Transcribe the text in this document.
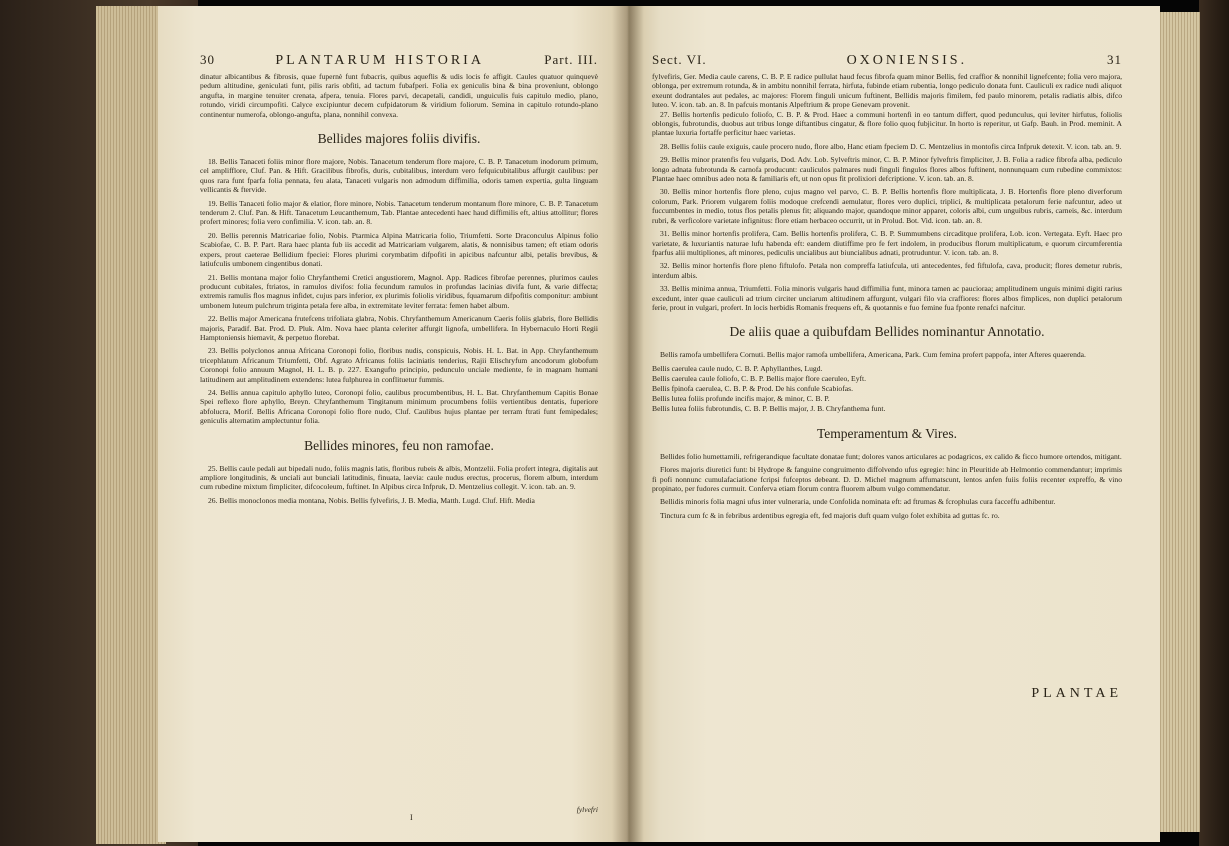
30	PLANTARUM HISTORIA	Part. III.

dinatur albicantibus & fibrosis, quae fupernè funt fubacris, quibus aqueflis & udis locis fe affigit. Caules quatuor quinquevè pedum altitudine, geniculati funt, pilis raris obfiti, ad tactum fubafperi. Folia ex geniculis bina & bina provenìunt, oblongo angufta, in margine tenuiter crenata, afpera, tenuia. Flores parvi, decapetali, candidi, unguiculis fuis capitulo medio, plano, rotundo, viridi circumpofiti. Calyce excipiuntur decem cufpidatorum & viridium foliorum. Semina in capitulo rotundo-plano continentur numerofa, oblongo-angufta, plana, nonnihil convexa.

Bellides majores foliis divifis.

18. Bellis Tanaceti foliis minor flore majore, Nobis. Tanacetum tenderum flore majore, C. B. P. Tanacetum inodorum primum, cel amplifflore, Cluf. Pan. & Hift. Gracilibus fibrofis, duris, cubitalibus, interdum vero fefquicubitalibus affurgit caulibus: per quos rara funt fparfa folia pennata, feu alata, Tanaceti vulgaris non admodum diffimilia, odoris tamen expertia, gulta linguam vellicantis & ftervide.

19. Bellis Tanaceti folio major & elatior, flore minore, Nobis. Tanacetum tenderum montanum flore minore, C. B. P. Tanacetum tenderum 2. Cluf. Pan. & Hift. Tanacetum Leucanthemum, Tab. Plantae antecedenti haec haud diffimilis eft, altius attollitur; flores profert minores; folia vero confimilia. V. icon. tab. an. 8.

20. Bellis perennis Matricariae folio, Nobis. Ptarmica Alpina Matricaria folio, Triumfetti. Sorte Draconculus Alpinus folio Scabiofae, C. B. P. Part. Rara haec planta fub iis accedit ad Matricariam vulgarem, alatis, & nonnisibus tamen; eft etiam odoris expers, prout caeterae Bellidium fpeciei: Flores plurimi corymbatim difpofiti in apicibus nafcuntur albi, petalis brevibus, & latiufculis umbonem cingentibus donati.

21. Bellis montana major folio Chryfanthemi Cretici angustiorem, Magnol. App. Radices fibrofae perennes, plurimos caules producunt cubitales, ftriatos, in ramulos divifos: folia fecundum ramulos in profundas lacinias divifa funt, & varie diffecta; extremis ramulis flos magnus infidet, cujus pars inferior, ex plurimis foliolis viridibus, fquamarum difpofitis componitur: ambiunt umbonem luteum pulchrum triginta petala fere alba, in extremitate leviter ferrata: femen habet album.

22. Bellis major Americana frutefcens trifoliata glabra, Nobis. Chryfanthemum Americanum Caeris foliis glabris, flore Bellidis majoris, Paradif. Bat. Prod. D. Pluk. Alm. Nova haec planta celeriter affurgit lignofa, umbellifera. In Hybernaculo Horti Regii Hamptoniensis hiemavit, & perpetuo florebat.

23. Bellis polyclonos annua Africana Coronopi folio, floribus nudis, conspicuis, Nobis. H. L. Bat. in App. Chryfanthemum tricephlatum Africanum Triumfetti, Obf. Agrato Africanus foliis laciniatis tenderius, Rajii Elischryfum ancodorum globofum Coronopi folio annuum Magnol, H. L. B. p. 227. Exangufto principio, pedunculo unciale mediente, fe in magnam humani latitudinem aut amplitudinem extendens: lutea fulphurea in conflituetur fummis.

24. Bellis annua capitulo aphyllo luteo, Coronopi folio, caulibus procumbentibus, H. L. Bat. Chryfanthemum Capitis Bonae Spei reflexo flore aphyllo, Breyn. Chryfanthemum Tingitanum minimum procumbens foliis vertientibus dentatis, fuperiore abfolucra, Morif. Bellis Africana Coronopi folio flore nudo, Cluf. Caulibus hujus plantae per terram ftrati funt femipedales; geniculis alternatim amplectuntur folia.

Bellides minores, feu non ramofae.

25. Bellis caule pedali aut bipedali nudo, foliis magnis latis, floribus rubeis & albis, Montzelii. Folia profert integra, digitalis aut ampliore longitudinis, & unciali aut bunciali latitudinis, finuata, laevia: caule nudus erectus, procerus, florem album, interdum cum rubedine mixtum fimpliciter, difcocoleum, fuftinet. In Alpibus circa Infpruk, D. Mentzelius collegit. V. icon. tab. an. 9.

26. Bellis monoclonos media montana, Nobis. Bellis fylvefiris, J. B. Media, Matth. Lugd. Cluf. Hift. Media

I
fylvefri
Sect. VI.	OXONIENSIS.	31

fylvefiris, Ger. Media caule carens, C. B. P. E radice pullulat haud fecus fibrofa quam minor Bellis, fed craffior & nonnihil lignefcente; folia vero majora, oblonga, per extremum rotunda, & in ambitu nonnihil ferrata, hirfuta, fubinde etiam rubentia, longo pediculo donata funt. Cauliculi ex radice nudi aliquot exeunt dodrantales aut pedales, ac majores: Florem finguli unicum fuftinent, Bellidis majoris fimilem, fed paulo minorem, petalis radiatis albis, difco luteo. V. icon. tab. an. 8. In pafcuis montanis Alpeftrium & prope Genevam provenit.

27. Bellis hortenfis pediculo foliofo, C. B. P. & Prod. Haec a communi hortenfi in eo tantum differt, quod pedunculus, qui leviter hirfutus, foliolis oblongis, fubrotundis, duobus aut tribus longe diftantibus cingatur, & flore folio quoq fubjicitur. In horto is reperitur, ut Gafp. Bauh. in Prod. meminit. A plantae luxuria fortaffe perficitur haec varietas.

28. Bellis foliis caule exiguis, caule procero nudo, flore albo, Hanc etiam fpeciem D. C. Mentzelius in montofis circa Infpruk detexit. V. icon. tab. an. 9.

29. Bellis minor pratenfis feu vulgaris, Dod. Adv. Lob. Sylveftris minor, C. B. P. Minor fylveftris fimpliciter, J. B. Folia a radice fibrofa alba, pediculo longo adnata fubrotunda & carnofa producunt: cauliculos palmares nudi finguli fingulos flores albos fuftinent, nonnunquam cum rubedine commixtos: Plantae haec omnibus adeo nota & familiaris eft, ut non opus fit prolixiori defcriptione. V. icon. tab. an. 8.

30. Bellis minor hortenfis flore pleno, cujus magno vel parvo, C. B. P. Bellis hortenfis flore multiplicata, J. B. Hortenfis flore pleno diverforum colorum, Park. Priorem vulgarem foliis modoque crefcendi aemulatur, flores vero duplici, triplici, & multiplicata petalorum ferie nafcuntur, adeo ut fuccumbentes in medio, totus flos petalis plenus fit; aliquando major, quandoque minor apparet, coloris albi, cum unguibus rubris, carneis, &c. interdum rubri, & verficolore varietate infignitus: flore etiam herbaceo occurrit, ut in Prolud. Bot. Vid. icon. tab. an. 8.

31. Bellis minor hortenfis prolifera, Cam. Bellis hortenfis prolifera, C. B. P. Summumbens circaditque prolifera, Lob. icon. Vertegata. Eyft. Haec pro varietate, & luxuriantis naturae lufu habenda eft: eandem diutiffime pro fe fert indolem, in producibus florum multiplicatum, e quorum circumferentia fparfus alii multipliones, aft minores, pediculis uncialibus aut biuncialibus adnati, protruduntur. V. icon. tab. an. 8.

32. Bellis minor hortenfis flore pleno fiftulofo. Petala non compreffa latiufcula, uti antecedentes, fed fiftulofa, cava, producit; flores demetur rubris, interdum albis.

33. Bellis minima annua, Triumfetti. Folia minoris vulgaris haud diffimilia funt, minora tamen ac paucioraa; amplitudinem unguis minimi digiti rarius excedunt, inter quae cauliculi ad trium circiter unciarum altitudinem affurgunt, vulgari filo via craffiores: flores albos fimplices, non duplici petalorum ferie, prout in vulgari, profert. In locis herbidis Romanis frequens eft, & quotannis e fuo femine fua fponte renafci nafcitur.

De aliis quae a quibufdam Bellides nominantur Annotatio.

Bellis ramofa umbellifera Cornuti. Bellis major ramofa umbellifera, Americana, Park. Cum femina profert pappofa, inter Afteres quaerenda.

Bellis caerulea caule nudo, C. B. P. Aphyllanthes, Lugd.
Bellis caerulea caule foliofo, C. B. P. Bellis major flore caeruleo, Eyft.
Bellis fpinofa caerulea, C. B. P. & Prod. De his confule Scabiofas.
Bellis lutea foliis profunde incifis major, & minor, C. B. P.
Bellis lutea foliis fubrotundis, C. B. P. Bellis major, J. B. Chryfanthema funt.
Temperamentum & Vires.

Bellides folio humettamili, refrigerandique facultate donatae funt; dolores vanos articulares ac podagricos, ex calido & ficco humore ortendos, mitigant.

Flores majoris diuretici funt: bi Hydrope & fanguine congruimento diffolvendo ufus egregie: hinc in Pleuritide ab Helmontio commendantur; imprimis fi pofi nonnunc cumulafaciatione fcripsi fufceptos debeant. D. D. Michel magnum affumatscunt, lentos anfen fuiis foliis recenter expreffo, & vino propinato, per fudores curmuit. Conferva etiam florum contra fluorem album vulgo commendatur.

Bellidis minoris folia magni ufus inter vulneraria, unde Confolida nominata eft: ad ftrumas & fcrophulas cura facceffu adhibentur.

Tinctura cum fc & in febribus ardentibus egregia eft, fed majoris duft quam vulgo folet exhibita ad guttas fc. ro.

PLANTAE
